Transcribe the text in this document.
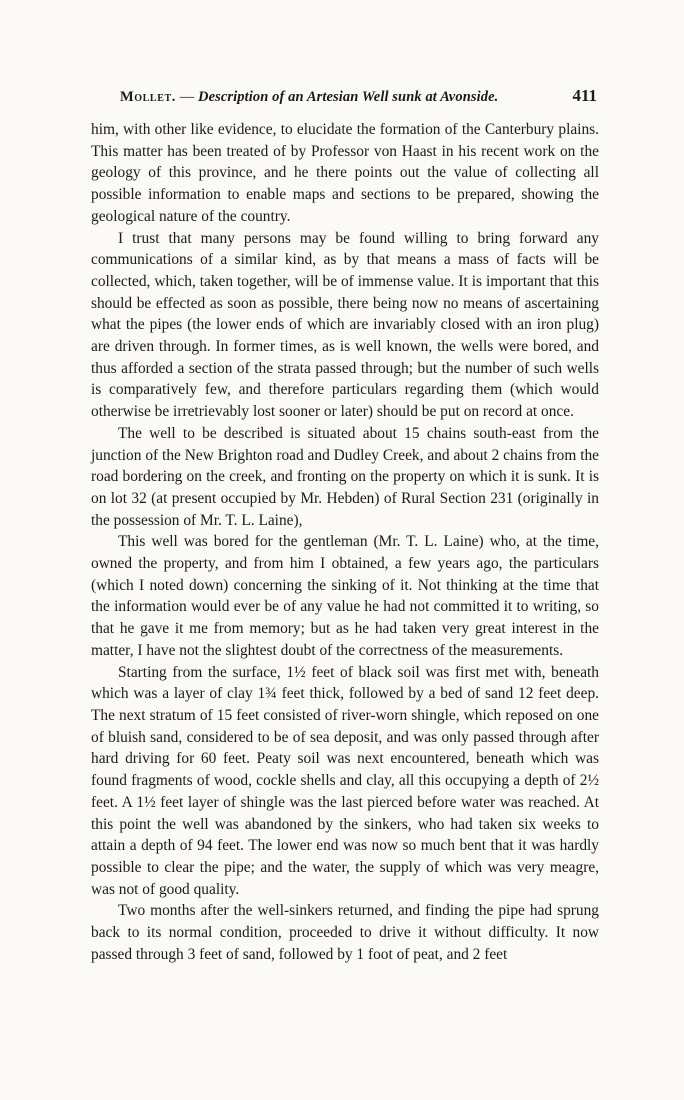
Mollet. — Description of an Artesian Well sunk at Avonside.	411

him, with other like evidence, to elucidate the formation of the Canterbury plains. This matter has been treated of by Professor von Haast in his recent work on the geology of this province, and he there points out the value of collecting all possible information to enable maps and sections to be prepared, showing the geological nature of the country.

I trust that many persons may be found willing to bring forward any communications of a similar kind, as by that means a mass of facts will be collected, which, taken together, will be of immense value. It is important that this should be effected as soon as possible, there being now no means of ascertaining what the pipes (the lower ends of which are invariably closed with an iron plug) are driven through. In former times, as is well known, the wells were bored, and thus afforded a section of the strata passed through; but the number of such wells is comparatively few, and therefore particulars regarding them (which would otherwise be irretrievably lost sooner or later) should be put on record at once.

The well to be described is situated about 15 chains south-east from the junction of the New Brighton road and Dudley Creek, and about 2 chains from the road bordering on the creek, and fronting on the property on which it is sunk. It is on lot 32 (at present occupied by Mr. Hebden) of Rural Section 231 (originally in the possession of Mr. T. L. Laine),

This well was bored for the gentleman (Mr. T. L. Laine) who, at the time, owned the property, and from him I obtained, a few years ago, the particulars (which I noted down) concerning the sinking of it. Not thinking at the time that the information would ever be of any value he had not committed it to writing, so that he gave it me from memory; but as he had taken very great interest in the matter, I have not the slightest doubt of the correctness of the measurements.

Starting from the surface, 1½ feet of black soil was first met with, beneath which was a layer of clay 1¾ feet thick, followed by a bed of sand 12 feet deep. The next stratum of 15 feet consisted of river-worn shingle, which reposed on one of bluish sand, considered to be of sea deposit, and was only passed through after hard driving for 60 feet. Peaty soil was next encountered, beneath which was found fragments of wood, cockle shells and clay, all this occupying a depth of 2½ feet. A 1½ feet layer of shingle was the last pierced before water was reached. At this point the well was abandoned by the sinkers, who had taken six weeks to attain a depth of 94 feet. The lower end was now so much bent that it was hardly possible to clear the pipe; and the water, the supply of which was very meagre, was not of good quality.

Two months after the well-sinkers returned, and finding the pipe had sprung back to its normal condition, proceeded to drive it without difficulty. It now passed through 3 feet of sand, followed by 1 foot of peat, and 2 feet
